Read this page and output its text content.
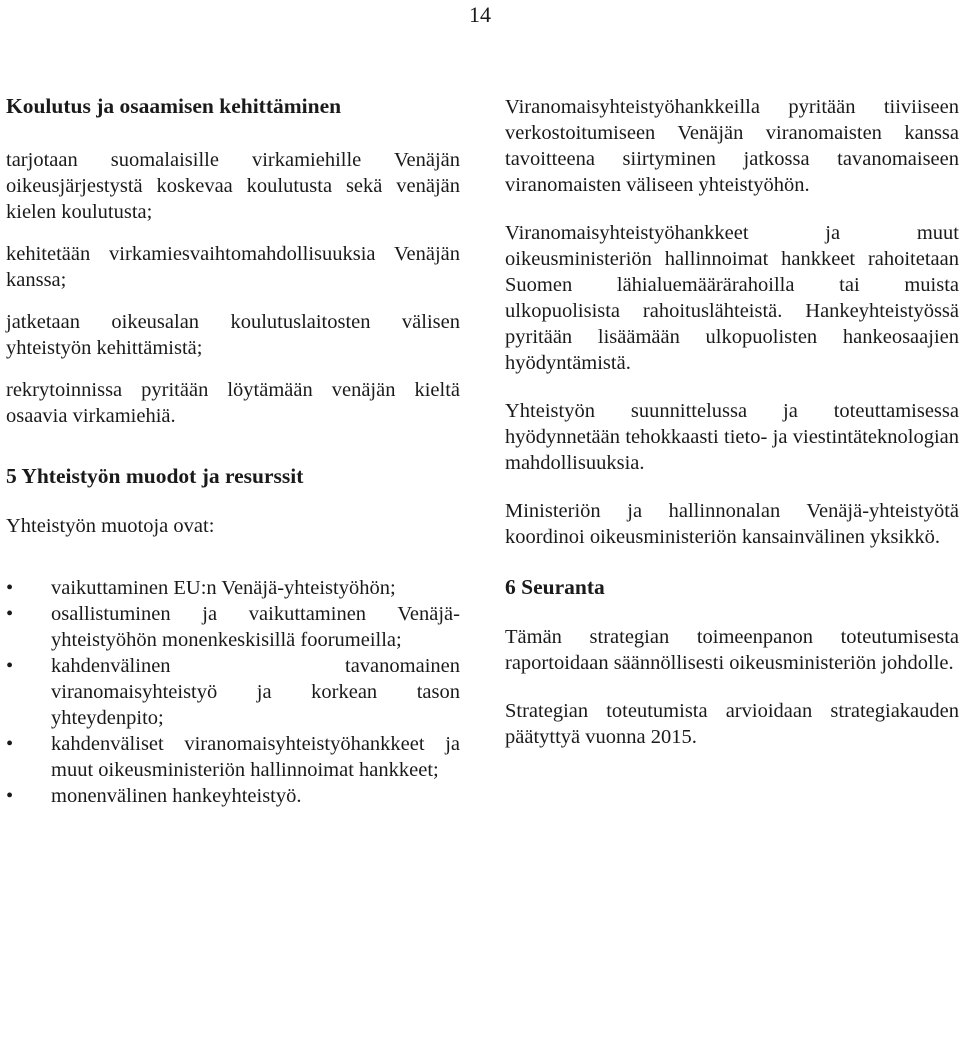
14
Koulutus ja osaamisen kehittäminen

tarjotaan suomalaisille virkamiehille Venäjän oikeusjärjestystä koskevaa koulutusta sekä venäjän kielen koulutusta;

kehitetään virkamiesvaihtomahdollisuuksia Venäjän kanssa;

jatketaan oikeusalan koulutuslaitosten välisen yhteistyön kehittämistä;

rekrytoinnissa pyritään löytämään venäjän kieltä osaavia virkamiehiä.

5 Yhteistyön muodot ja resurssit

Yhteistyön muotoja ovat:

• vaikuttaminen EU:n Venäjä-yhteistyöhön;
• osallistuminen ja vaikuttaminen Venäjä-yhteistyöhön monenkeskisillä foorumeilla;
• kahdenvälinen tavanomainen viranomaisyhteistyö ja korkean tason yhteydenpito;
• kahdenväliset viranomaisyhteistyöhankkeet ja muut oikeusministeriön hallinnoimat hankkeet;
• monenvälinen hankeyhteistyö.

Viranomaisyhteistyöhankkeilla pyritään tiiviiseen verkostoitumiseen Venäjän viranomaisten kanssa tavoitteena siirtyminen jatkossa tavanomaiseen viranomaisten väliseen yhteistyöhön.

Viranomaisyhteistyöhankkeet ja muut oikeusministeriön hallinnoimat hankkeet rahoitetaan Suomen lähialuemäärärahoilla tai muista ulkopuolisista rahoituslähteistä. Hankeyhteistyössä pyritään lisäämään ulkopuolisten hankeosaajien hyödyntämistä.

Yhteistyön suunnittelussa ja toteuttamisessa hyödynnetään tehokkaasti tieto- ja viestintäteknologian mahdollisuuksia.

Ministeriön ja hallinnonalan Venäjä-yhteistyötä koordinoi oikeusministeriön kansainvälinen yksikkö.

6 Seuranta

Tämän strategian toimeenpanon toteutumisesta raportoidaan säännöllisesti oikeusministeriön johdolle.

Strategian toteutumista arvioidaan strategiakauden päätyttyä vuonna 2015.
